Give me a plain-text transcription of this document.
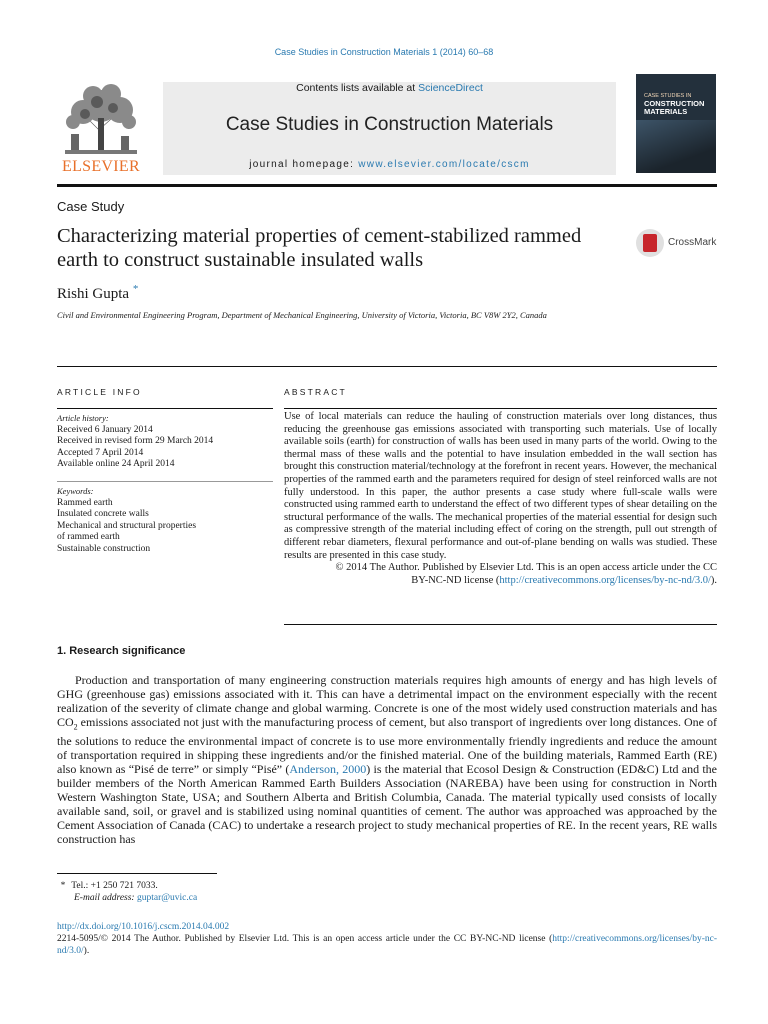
Case Studies in Construction Materials 1 (2014) 60–68
ELSEVIER
Contents lists available at ScienceDirect
Case Studies in Construction Materials
journal homepage: www.elsevier.com/locate/cscm
CASE STUDIES IN
CONSTRUCTION MATERIALS
Case Study
Characterizing material properties of cement-stabilized rammed earth to construct sustainable insulated walls
CrossMark
Rishi Gupta *
Civil and Environmental Engineering Program, Department of Mechanical Engineering, University of Victoria, Victoria, BC V8W 2Y2, Canada
ARTICLE INFO
Article history:
Received 6 January 2014
Received in revised form 29 March 2014
Accepted 7 April 2014
Available online 24 April 2014
Keywords:
Rammed earth
Insulated concrete walls
Mechanical and structural properties
of rammed earth
Sustainable construction
ABSTRACT

Use of local materials can reduce the hauling of construction materials over long distances, thus reducing the greenhouse gas emissions associated with transporting such materials. Use of locally available soils (earth) for construction of walls has been used in many parts of the world. Owing to the thermal mass of these walls and the potential to have insulation embedded in the wall section has brought this construction material/technology at the forefront in recent years. However, the mechanical properties of the rammed earth and the parameters required for design of steel reinforced walls are not fully understood. In this paper, the author presents a case study where full-scale walls were constructed using rammed earth to understand the effect of two different types of shear detailing on the structural performance of the walls. The mechanical properties of the material essential for design such as compressive strength of the material including effect of coring on the strength, pull out strength of different rebar diameters, flexural performance and out-of-plane bending on walls was studied. These results are presented in this case study.

© 2014 The Author. Published by Elsevier Ltd. This is an open access article under the CC

BY-NC-ND license (http://creativecommons.org/licenses/by-nc-nd/3.0/).

1. Research significance

Production and transportation of many engineering construction materials requires high amounts of energy and has high levels of GHG (greenhouse gas) emissions associated with it. This can have a detrimental impact on the environment especially with the recent realization of the severity of climate change and global warming. Concrete is one of the most widely used construction materials and has $CO_2$ emissions associated not just with the manufacturing process of cement, but also transport of ingredients over long distances. One of the solutions to reduce the environmental impact of concrete is to use more environmentally friendly ingredients and reduce the amount of transportation required in shipping these ingredients and/or the finished material. One of the building materials, Rammed Earth (RE) also known as “Pisé de terre” or simply “Pisé” (Anderson, 2000) is the material that Ecosol Design & Construction (ED&C) Ltd and the builder members of the North American Rammed Earth Builders Association (NAREBA) have been using for construction in North Western Washington State, USA; and Southern Alberta and British Columbia, Canada. The material typically used consists of locally available sand, soil, or gravel and is stabilized using nominal quantities of cement. The author was approached was approached by the Cement Association of Canada (CAC) to undertake a research project to study mechanical properties of RE. In the recent years, RE walls construction has

* Tel.: +1 250 721 7033.
E-mail address: guptar@uvic.ca
http://dx.doi.org/10.1016/j.cscm.2014.04.002
2214-5095/© 2014 The Author. Published by Elsevier Ltd. This is an open access article under the CC BY-NC-ND license (http://creativecommons.org/licenses/by-nc-nd/3.0/).
